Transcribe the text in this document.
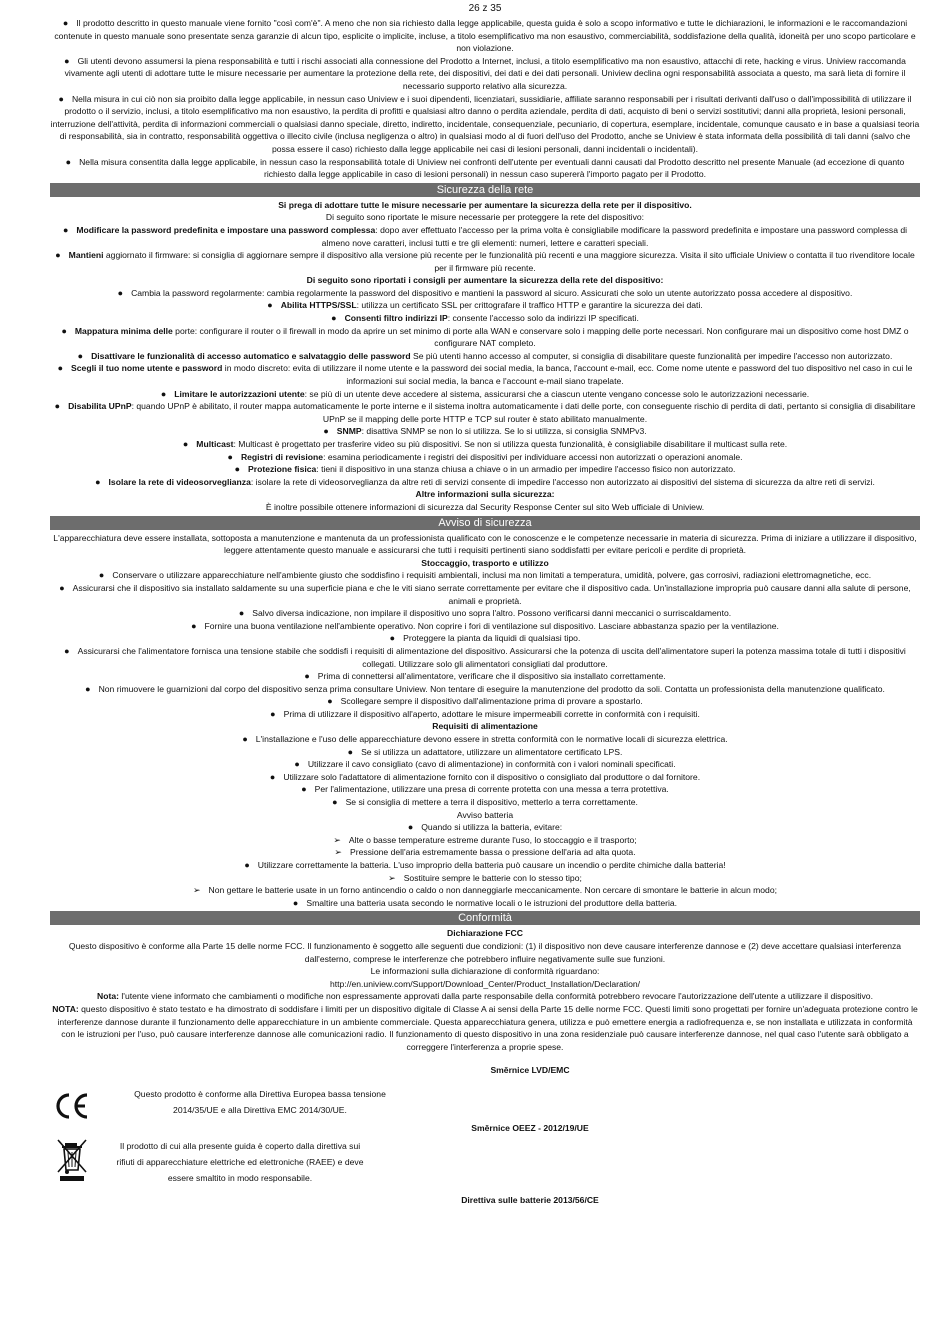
26 z 35

● Il prodotto descritto in questo manuale viene fornito "così com'è". A meno che non sia richiesto dalla legge applicabile, questa guida è solo a scopo informativo e tutte le dichiarazioni, le informazioni e le raccomandazioni contenute in questo manuale sono presentate senza garanzie di alcun tipo, esplicite o implicite, incluse, a titolo esemplificativo ma non esaustivo, commerciabilità, soddisfazione della qualità, idoneità per uno scopo particolare e non violazione.

● Gli utenti devono assumersi la piena responsabilità e tutti i rischi associati alla connessione del Prodotto a Internet, inclusi, a titolo esemplificativo ma non esaustivo, attacchi di rete, hacking e virus. Uniview raccomanda vivamente agli utenti di adottare tutte le misure necessarie per aumentare la protezione della rete, dei dispositivi, dei dati e dei dati personali. Uniview declina ogni responsabilità associata a questo, ma sarà lieta di fornire il necessario supporto relativo alla sicurezza.

● Nella misura in cui ciò non sia proibito dalla legge applicabile, in nessun caso Uniview e i suoi dipendenti, licenziatari, sussidiarie, affiliate saranno responsabili per i risultati derivanti dall'uso o dall'impossibilità di utilizzare il prodotto o il servizio, inclusi, a titolo esemplificativo ma non esaustivo, la perdita di profitti e qualsiasi altro danno o perdita aziendale, perdita di dati, acquisto di beni o servizi sostitutivi; danni alla proprietà, lesioni personali, interruzione dell'attività, perdita di informazioni commerciali o qualsiasi danno speciale, diretto, indiretto, incidentale, consequenziale, pecuniario, di copertura, esemplare, incidentale, comunque causato e in base a qualsiasi teoria di responsabilità, sia in contratto, responsabilità oggettiva o illecito civile (inclusa negligenza o altro) in qualsiasi modo al di fuori dell'uso del Prodotto, anche se Uniview è stata informata della possibilità di tali danni (salvo che possa essere il caso) richiesto dalla legge applicabile nei casi di lesioni personali, danni incidentali o incidentali).

● Nella misura consentita dalla legge applicabile, in nessun caso la responsabilità totale di Uniview nei confronti dell'utente per eventuali danni causati dal Prodotto descritto nel presente Manuale (ad eccezione di quanto richiesto dalla legge applicabile in caso di lesioni personali) in nessun caso supererà l'importo pagato per il Prodotto.

Sicurezza della rete

Si prega di adottare tutte le misure necessarie per aumentare la sicurezza della rete per il dispositivo.

Di seguito sono riportate le misure necessarie per proteggere la rete del dispositivo:

● Modificare la password predefinita e impostare una password complessa: dopo aver effettuato l'accesso per la prima volta è consigliabile modificare la password predefinita e impostare una password complessa di almeno nove caratteri, inclusi tutti e tre gli elementi: numeri, lettere e caratteri speciali.

● Mantieni aggiornato il firmware: si consiglia di aggiornare sempre il dispositivo alla versione più recente per le funzionalità più recenti e una maggiore sicurezza. Visita il sito ufficiale Uniview o contatta il tuo rivenditore locale per il firmware più recente.

Di seguito sono riportati i consigli per aumentare la sicurezza della rete del dispositivo:

● Cambia la password regolarmente: cambia regolarmente la password del dispositivo e mantieni la password al sicuro. Assicurati che solo un utente autorizzato possa accedere al dispositivo.

● Abilita HTTPS/SSL: utilizza un certificato SSL per crittografare il traffico HTTP e garantire la sicurezza dei dati.

● Consenti filtro indirizzi IP: consente l'accesso solo da indirizzi IP specificati.

● Mappatura minima delle porte: configurare il router o il firewall in modo da aprire un set minimo di porte alla WAN e conservare solo i mapping delle porte necessari. Non configurare mai un dispositivo come host DMZ o configurare NAT completo.

● Disattivare le funzionalità di accesso automatico e salvataggio delle password Se più utenti hanno accesso al computer, si consiglia di disabilitare queste funzionalità per impedire l'accesso non autorizzato.

● Scegli il tuo nome utente e password in modo discreto: evita di utilizzare il nome utente e la password dei social media, la banca, l'account e-mail, ecc. Come nome utente e password del tuo dispositivo nel caso in cui le informazioni sui social media, la banca e l'account e-mail siano trapelate.

● Limitare le autorizzazioni utente: se più di un utente deve accedere al sistema, assicurarsi che a ciascun utente vengano concesse solo le autorizzazioni necessarie.

● Disabilita UPnP: quando UPnP è abilitato, il router mappa automaticamente le porte interne e il sistema inoltra automaticamente i dati delle porte, con conseguente rischio di perdita di dati, pertanto si consiglia di disabilitare UPnP se il mapping delle porte HTTP e TCP sul router è stato abilitato manualmente.

● SNMP: disattiva SNMP se non lo si utilizza. Se lo si utilizza, si consiglia SNMPv3.

● Multicast: Multicast è progettato per trasferire video su più dispositivi. Se non si utilizza questa funzionalità, è consigliabile disabilitare il multicast sulla rete.

● Registri di revisione: esamina periodicamente i registri dei dispositivi per individuare accessi non autorizzati o operazioni anomale.

● Protezione fisica: tieni il dispositivo in una stanza chiusa a chiave o in un armadio per impedire l'accesso fisico non autorizzato.

● Isolare la rete di videosorveglianza: isolare la rete di videosorveglianza da altre reti di servizi consente di impedire l'accesso non autorizzato ai dispositivi del sistema di sicurezza da altre reti di servizi.

Altre informazioni sulla sicurezza:

È inoltre possibile ottenere informazioni di sicurezza dal Security Response Center sul sito Web ufficiale di Uniview.

Avviso di sicurezza

L'apparecchiatura deve essere installata, sottoposta a manutenzione e mantenuta da un professionista qualificato con le conoscenze e le competenze necessarie in materia di sicurezza. Prima di iniziare a utilizzare il dispositivo, leggere attentamente questo manuale e assicurarsi che tutti i requisiti pertinenti siano soddisfatti per evitare pericoli e perdite di proprietà.

Stoccaggio, trasporto e utilizzo

● Conservare o utilizzare apparecchiature nell'ambiente giusto che soddisfino i requisiti ambientali, inclusi ma non limitati a temperatura, umidità, polvere, gas corrosivi, radiazioni elettromagnetiche, ecc.

● Assicurarsi che il dispositivo sia installato saldamente su una superficie piana e che le viti siano serrate correttamente per evitare che il dispositivo cada. Un'installazione impropria può causare danni alla salute di persone, animali e proprietà.

● Salvo diversa indicazione, non impilare il dispositivo uno sopra l'altro. Possono verificarsi danni meccanici o surriscaldamento.

● Fornire una buona ventilazione nell'ambiente operativo. Non coprire i fori di ventilazione sul dispositivo. Lasciare abbastanza spazio per la ventilazione.

● Proteggere la pianta da liquidi di qualsiasi tipo.

● Assicurarsi che l'alimentatore fornisca una tensione stabile che soddisfi i requisiti di alimentazione del dispositivo. Assicurarsi che la potenza di uscita dell'alimentatore superi la potenza massima totale di tutti i dispositivi collegati. Utilizzare solo gli alimentatori consigliati dal produttore.

● Prima di connettersi all'alimentatore, verificare che il dispositivo sia installato correttamente.

● Non rimuovere le guarnizioni dal corpo del dispositivo senza prima consultare Uniview. Non tentare di eseguire la manutenzione del prodotto da soli. Contatta un professionista della manutenzione qualificato.

● Scollegare sempre il dispositivo dall'alimentazione prima di provare a spostarlo.

● Prima di utilizzare il dispositivo all'aperto, adottare le misure impermeabili corrette in conformità con i requisiti.

Requisiti di alimentazione

● L'installazione e l'uso delle apparecchiature devono essere in stretta conformità con le normative locali di sicurezza elettrica.

● Se si utilizza un adattatore, utilizzare un alimentatore certificato LPS.

● Utilizzare il cavo consigliato (cavo di alimentazione) in conformità con i valori nominali specificati.

● Utilizzare solo l'adattatore di alimentazione fornito con il dispositivo o consigliato dal produttore o dal fornitore.

● Per l'alimentazione, utilizzare una presa di corrente protetta con una messa a terra protettiva.

● Se si consiglia di mettere a terra il dispositivo, metterlo a terra correttamente.

Avviso batteria

● Quando si utilizza la batteria, evitare:

➢ Alte o basse temperature estreme durante l'uso, lo stoccaggio e il trasporto;

➢ Pressione dell'aria estremamente bassa o pressione dell'aria ad alta quota.

● Utilizzare correttamente la batteria. L'uso improprio della batteria può causare un incendio o perdite chimiche dalla batteria!

➢ Sostituire sempre le batterie con lo stesso tipo;

➢ Non gettare le batterie usate in un forno antincendio o caldo o non danneggiarle meccanicamente. Non cercare di smontare le batterie in alcun modo;

● Smaltire una batteria usata secondo le normative locali o le istruzioni del produttore della batteria.

Conformità

Dichiarazione FCC

Questo dispositivo è conforme alla Parte 15 delle norme FCC. Il funzionamento è soggetto alle seguenti due condizioni: (1) il dispositivo non deve causare interferenze dannose e (2) deve accettare qualsiasi interferenza dall'esterno, comprese le interferenze che potrebbero influire negativamente sulle sue funzioni.

Le informazioni sulla dichiarazione di conformità riguardano:

http://en.uniview.com/Support/Download_Center/Product_Installation/Declaration/

Nota: l'utente viene informato che cambiamenti o modifiche non espressamente approvati dalla parte responsabile della conformità potrebbero revocare l'autorizzazione dell'utente a utilizzare il dispositivo.

NOTA: questo dispositivo è stato testato e ha dimostrato di soddisfare i limiti per un dispositivo digitale di Classe A ai sensi della Parte 15 delle norme FCC. Questi limiti sono progettati per fornire un'adeguata protezione contro le interferenze dannose durante il funzionamento delle apparecchiature in un ambiente commerciale. Questa apparecchiatura genera, utilizza e può emettere energia a radiofrequenza e, se non installata e utilizzata in conformità con le istruzioni per l'uso, può causare interferenze dannose alle comunicazioni radio. Il funzionamento di questo dispositivo in una zona residenziale può causare interferenze dannose, nel qual caso l'utente sarà obbligato a correggere l'interferenza a proprie spese.

Směrnice LVD/EMC
Questo prodotto è conforme alla Direttiva Europea bassa tensione 2014/35/UE e alla Direttiva EMC 2014/30/UE.
Směrnice OEEZ - 2012/19/UE
Il prodotto di cui alla presente guida è coperto dalla direttiva sui rifiuti di apparecchiature elettriche ed elettroniche (RAEE) e deve essere smaltito in modo responsabile.
Direttiva sulle batterie 2013/56/CE
